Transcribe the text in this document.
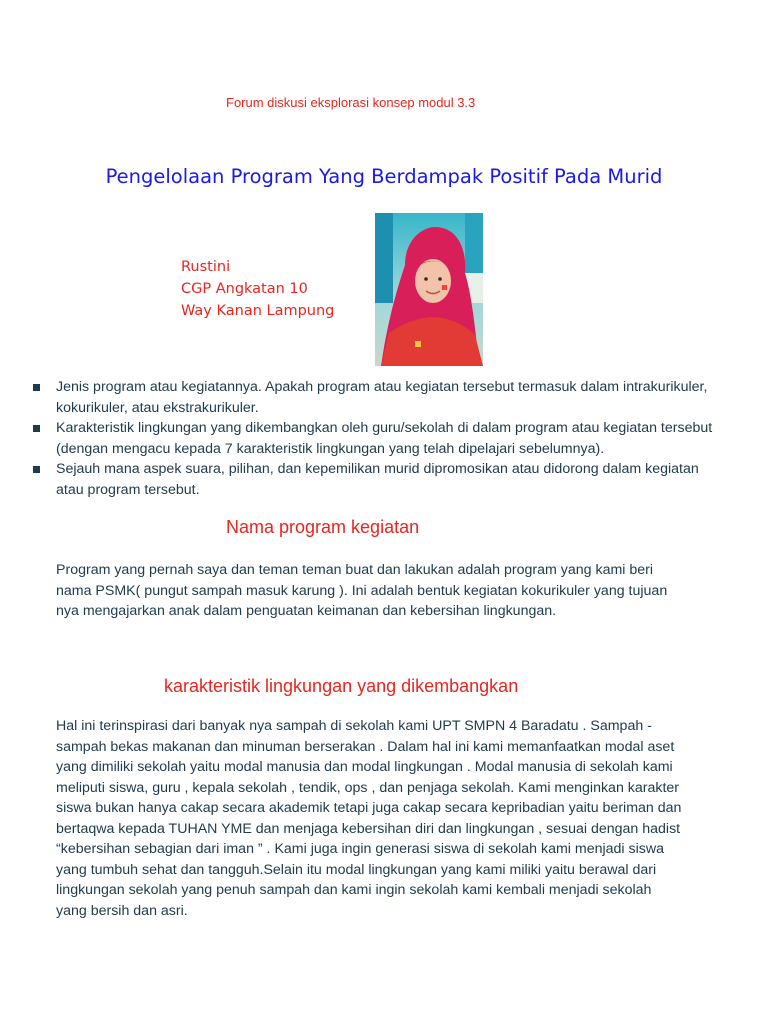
Forum diskusi eksplorasi konsep modul 3.3
Pengelolaan Program Yang Berdampak Positif Pada Murid
Rustini
CGP Angkatan 10
Way Kanan Lampung
Jenis program atau kegiatannya. Apakah program atau kegiatan tersebut termasuk dalam intrakurikuler, kokurikuler, atau ekstrakurikuler.
Karakteristik lingkungan yang dikembangkan oleh guru/sekolah di dalam program atau kegiatan tersebut (dengan mengacu kepada 7 karakteristik lingkungan yang telah dipelajari sebelumnya).
Sejauh mana aspek suara, pilihan, dan kepemilikan murid dipromosikan atau didorong dalam kegiatan atau program tersebut.
Nama program kegiatan
Program yang pernah saya dan teman teman buat dan lakukan adalah program yang kami beri nama PSMK( pungut sampah masuk karung ). Ini adalah bentuk kegiatan kokurikuler yang tujuan nya mengajarkan anak dalam penguatan keimanan dan kebersihan lingkungan.
karakteristik lingkungan yang dikembangkan
Hal ini terinspirasi dari banyak nya sampah di sekolah kami UPT SMPN 4 Baradatu . Sampah - sampah bekas makanan dan minuman berserakan . Dalam hal ini kami memanfaatkan modal aset yang dimiliki sekolah yaitu modal manusia dan modal lingkungan . Modal manusia di sekolah kami meliputi siswa, guru , kepala sekolah , tendik, ops , dan penjaga sekolah. Kami menginkan karakter siswa bukan hanya cakap secara akademik tetapi juga cakap secara kepribadian yaitu beriman dan bertaqwa kepada TUHAN YME dan menjaga kebersihan diri dan lingkungan , sesuai dengan hadist “kebersihan sebagian dari iman ” . Kami juga ingin generasi siswa di sekolah kami menjadi siswa yang tumbuh sehat dan tangguh.Selain itu modal lingkungan yang kami miliki yaitu berawal dari lingkungan sekolah yang penuh sampah dan kami ingin sekolah kami kembali menjadi sekolah yang bersih dan asri.
